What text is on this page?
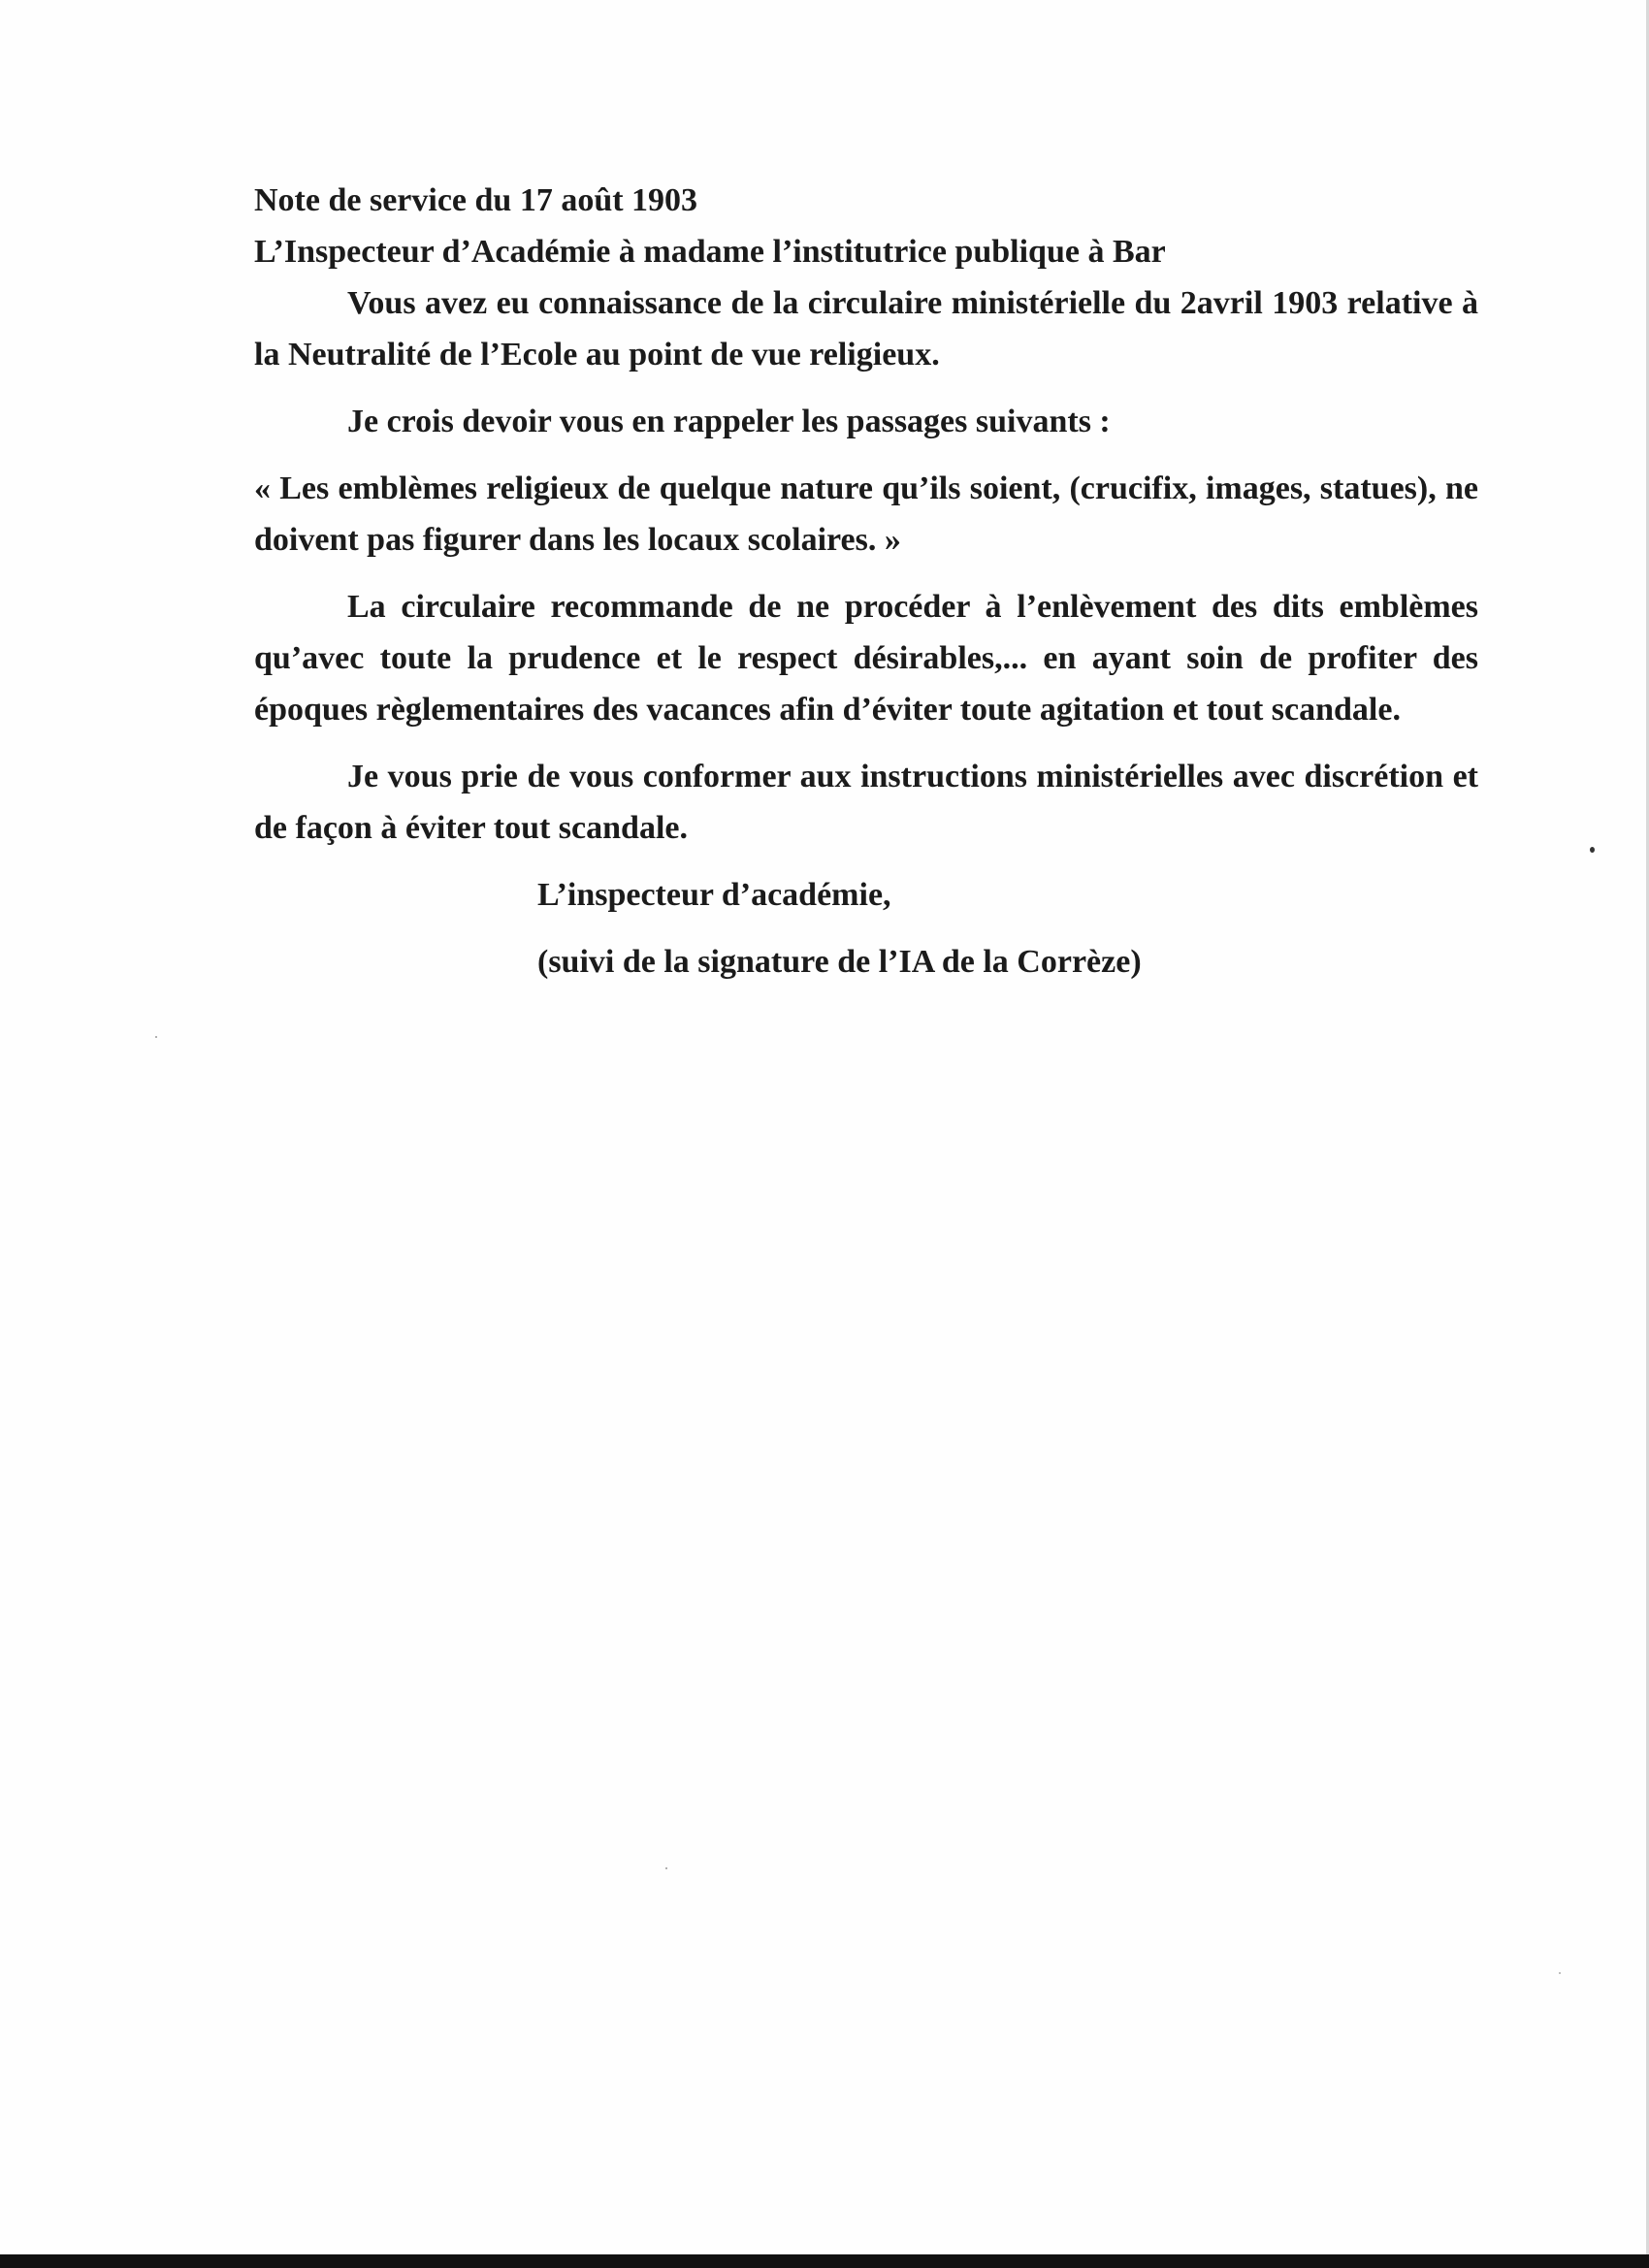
Note de service du 17 août 1903

L’Inspecteur d’Académie à madame l’institutrice publique à Bar

Vous avez eu connaissance de la circulaire ministérielle du 2avril 1903 relative à la Neutralité de l’Ecole au point de vue religieux.

Je crois devoir vous en rappeler les passages suivants :

« Les emblèmes religieux de quelque nature qu’ils soient, (crucifix, images, statues), ne doivent pas figurer dans les locaux scolaires. »

La circulaire recommande de ne procéder à l’enlèvement des dits emblèmes qu’avec toute la prudence et le respect désirables,... en ayant soin de profiter des époques règlementaires des vacances afin d’éviter toute agitation et tout scandale.

Je vous prie de vous conformer aux instructions ministérielles avec discrétion et de façon à éviter tout scandale.

L’inspecteur d’académie,

(suivi de la signature de l’IA de la Corrèze)
